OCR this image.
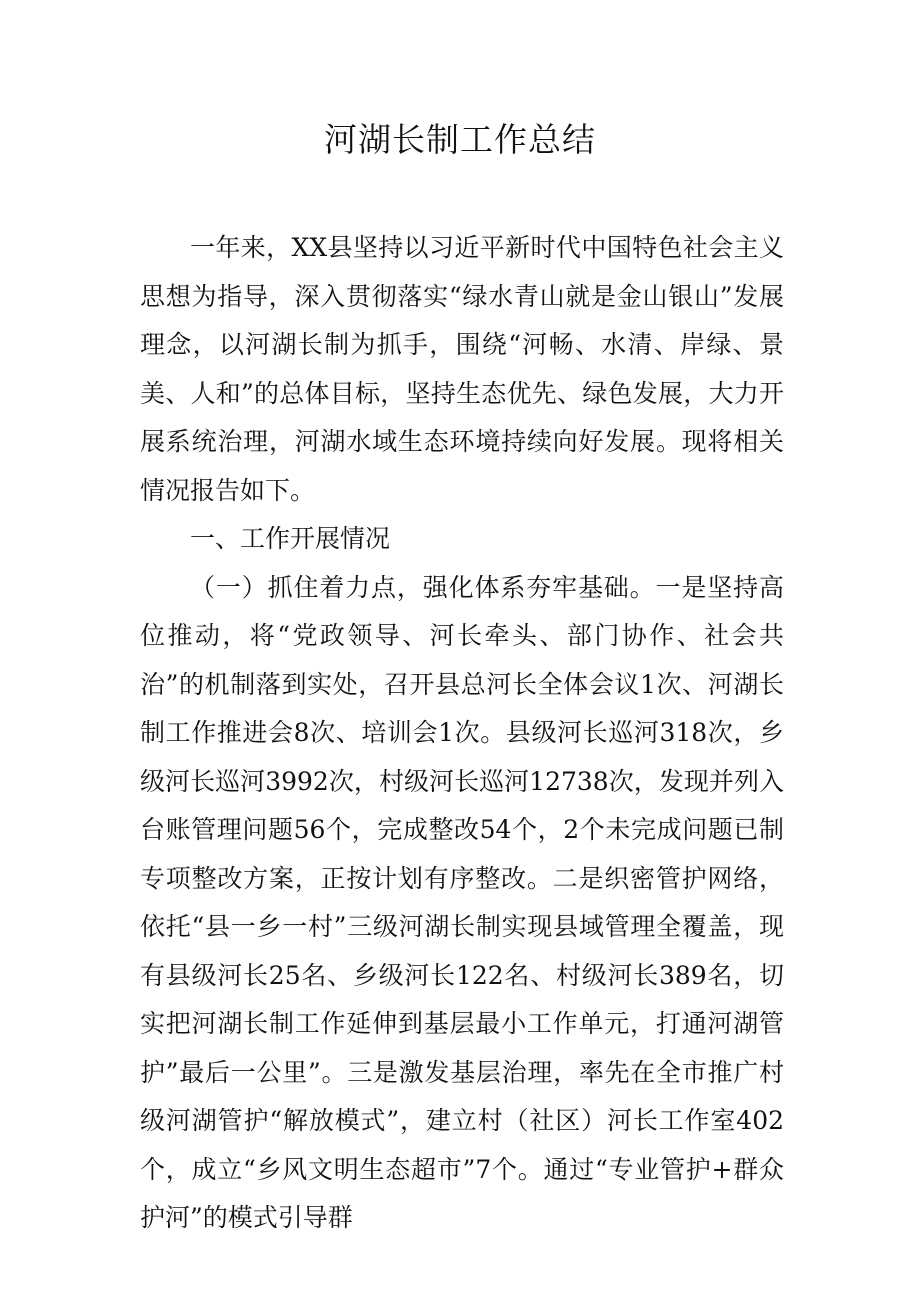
河湖长制工作总结

一年来，XX县坚持以习近平新时代中国特色社会主义思想为指导，深入贯彻落实“绿水青山就是金山银山”发展理念，以河湖长制为抓手，围绕“河畅、水清、岸绿、景美、人和”的总体目标，坚持生态优先、绿色发展，大力开展系统治理，河湖水域生态环境持续向好发展。现将相关情况报告如下。

一、工作开展情况

（一）抓住着力点，强化体系夯牢基础。一是坚持高位推动，将“党政领导、河长牵头、部门协作、社会共治”的机制落到实处，召开县总河长全体会议1次、河湖长制工作推进会8次、培训会1次。县级河长巡河318次，乡级河长巡河3992次，村级河长巡河12738次，发现并列入台账管理问题56个，完成整改54个，2个未完成问题已制专项整改方案，正按计划有序整改。二是织密管护网络，依托“县一乡一村”三级河湖长制实现县域管理全覆盖，现有县级河长25名、乡级河长122名、村级河长389名，切实把河湖长制工作延伸到基层最小工作单元，打通河湖管护”最后一公里”。三是激发基层治理，率先在全市推广村级河湖管护“解放模式”，建立村（社区）河长工作室402个，成立“乡风文明生态超市”7个。通过“专业管护+群众护河”的模式引导群
